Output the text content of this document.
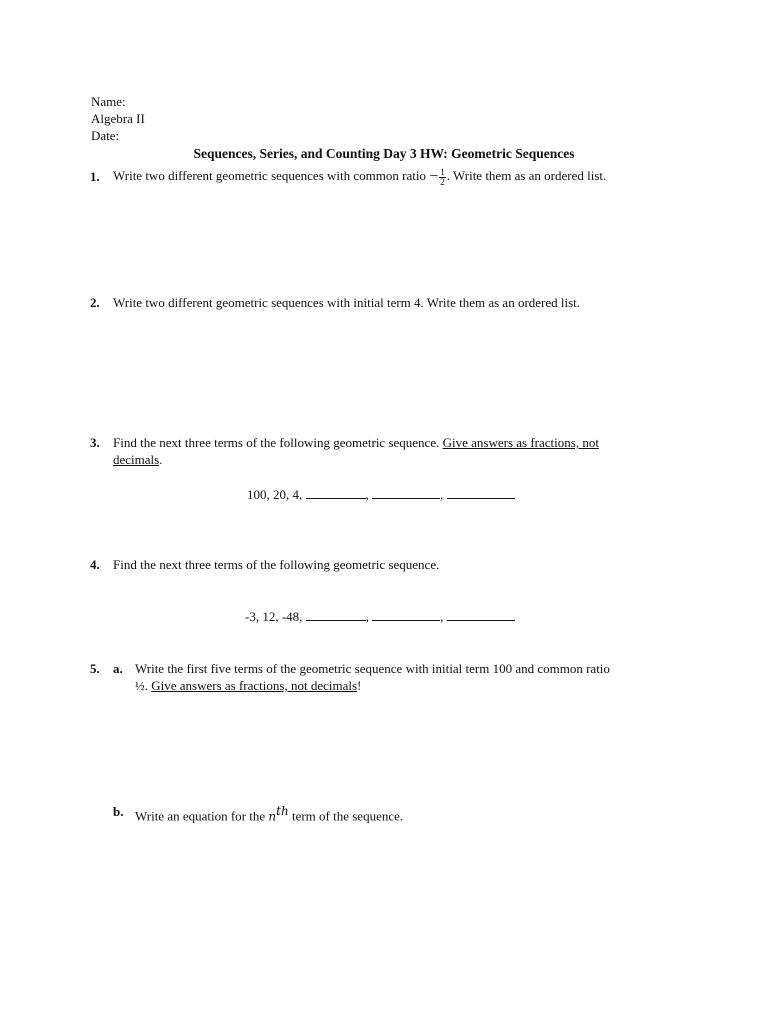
Name:
Algebra II
Date:
Sequences, Series, and Counting Day 3 HW: Geometric Sequences
1. Write two different geometric sequences with common ratio − $\frac{1}{2}$ . Write them as an ordered list.
2. Write two different geometric sequences with initial term 4. Write them as an ordered list.
3. Find the next three terms of the following geometric sequence. Give answers as fractions, not
decimals.
100, 20, 4,	,	,
4. Find the next three terms of the following geometric sequence.
-3, 12, -48,	,	,
5. a. Write the first five terms of the geometric sequence with initial term 100 and common ratio
½. Give answers as fractions, not decimals!
b. Write an equation for the $n^{th}$ term of the sequence.
